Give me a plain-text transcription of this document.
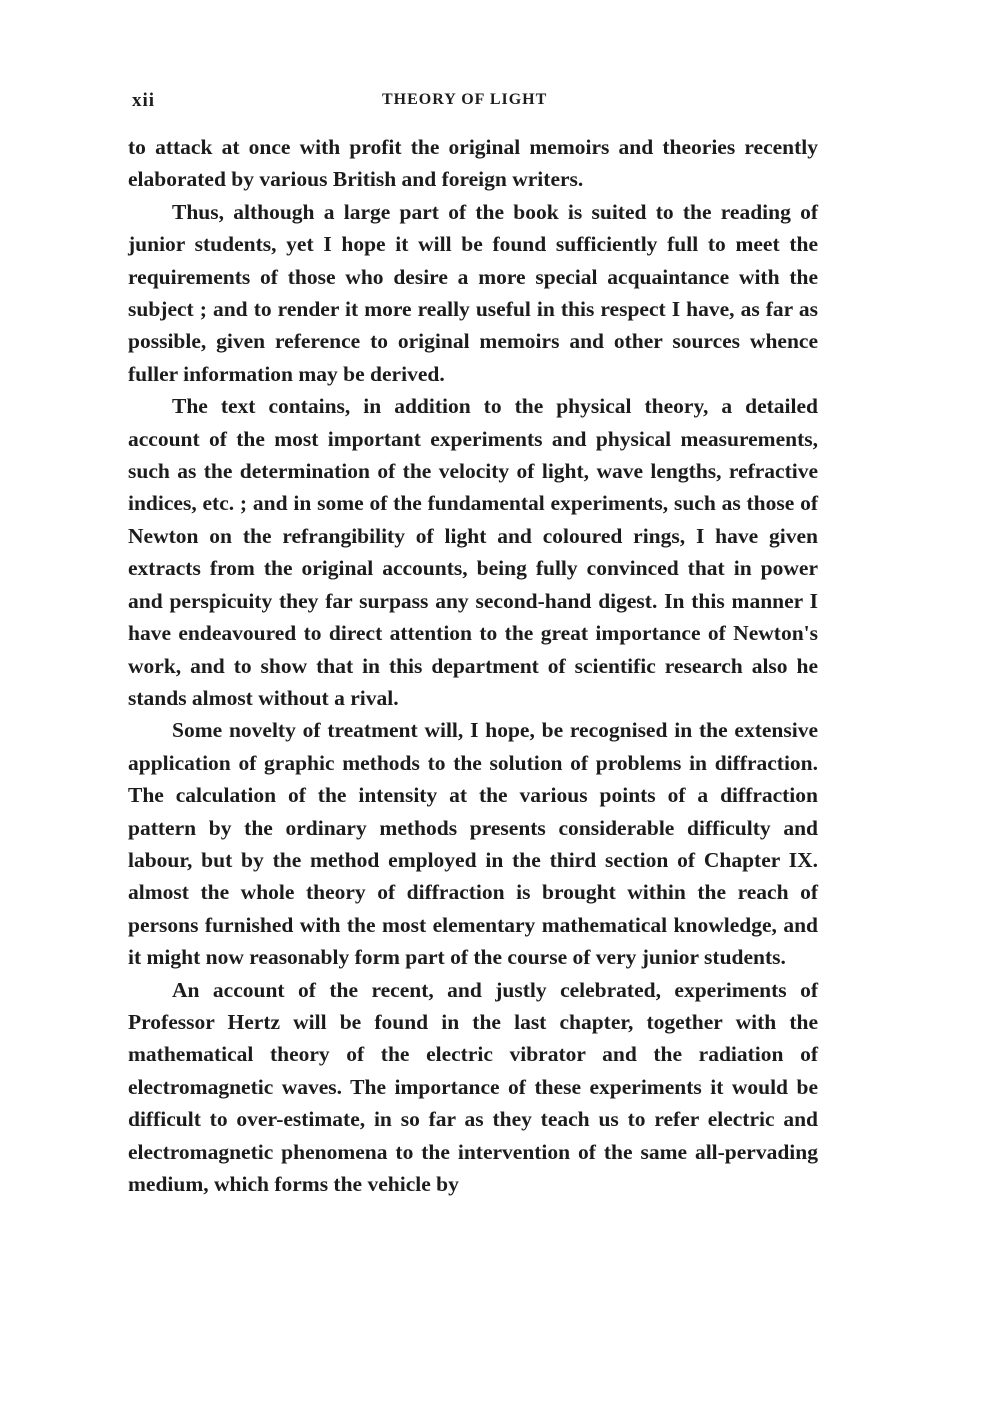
xii	THEORY OF LIGHT

to attack at once with profit the original memoirs and theories recently elaborated by various British and foreign writers.

Thus, although a large part of the book is suited to the reading of junior students, yet I hope it will be found sufficiently full to meet the requirements of those who desire a more special acquaintance with the subject ; and to render it more really useful in this respect I have, as far as possible, given reference to original memoirs and other sources whence fuller information may be derived.

The text contains, in addition to the physical theory, a detailed account of the most important experiments and physical measurements, such as the determination of the velocity of light, wave lengths, refractive indices, etc. ; and in some of the fundamental experiments, such as those of Newton on the refrangibility of light and coloured rings, I have given extracts from the original accounts, being fully convinced that in power and perspicuity they far surpass any second-hand digest. In this manner I have endeavoured to direct attention to the great importance of Newton's work, and to show that in this department of scientific research also he stands almost without a rival.

Some novelty of treatment will, I hope, be recognised in the extensive application of graphic methods to the solution of problems in diffraction. The calculation of the intensity at the various points of a diffraction pattern by the ordinary methods presents considerable difficulty and labour, but by the method employed in the third section of Chapter IX. almost the whole theory of diffraction is brought within the reach of persons furnished with the most elementary mathematical knowledge, and it might now reasonably form part of the course of very junior students.

An account of the recent, and justly celebrated, experiments of Professor Hertz will be found in the last chapter, together with the mathematical theory of the electric vibrator and the radiation of electromagnetic waves. The importance of these experiments it would be difficult to over-estimate, in so far as they teach us to refer electric and electromagnetic phenomena to the intervention of the same all-pervading medium, which forms the vehicle by
